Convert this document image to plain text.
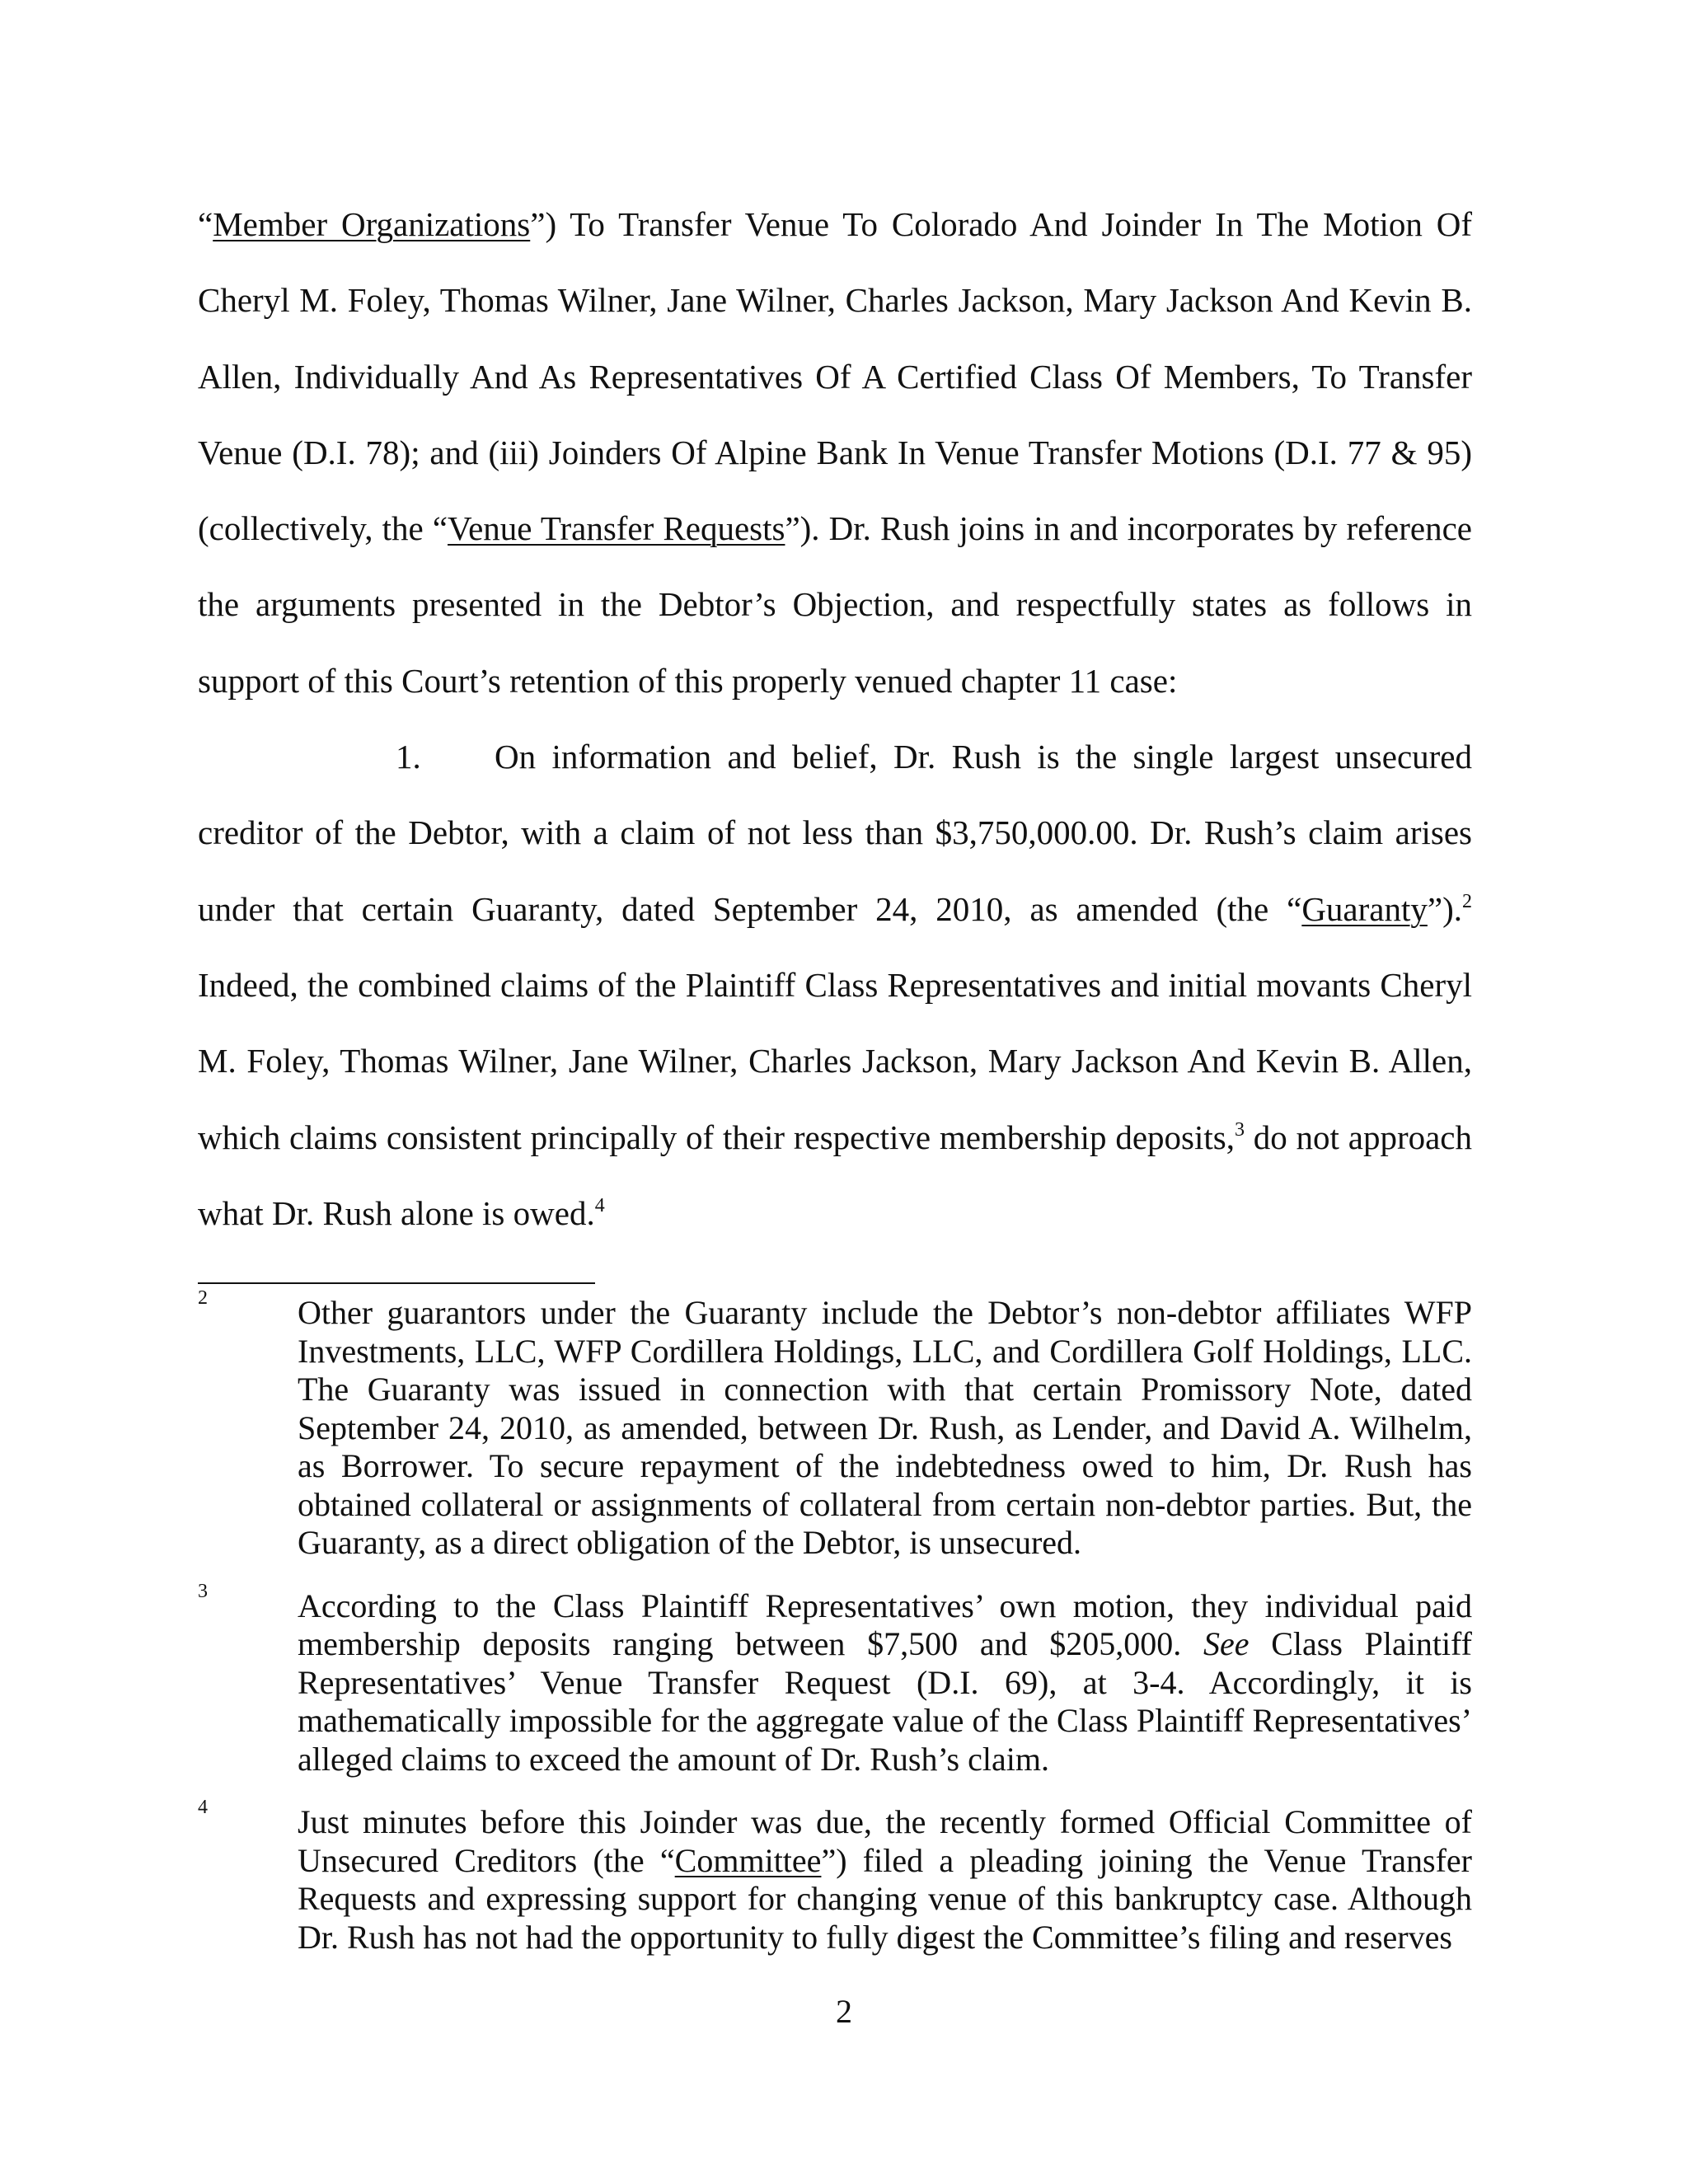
“Member Organizations”) To Transfer Venue To Colorado And Joinder In The Motion Of Cheryl M. Foley, Thomas Wilner, Jane Wilner, Charles Jackson, Mary Jackson And Kevin B. Allen, Individually And As Representatives Of A Certified Class Of Members, To Transfer Venue (D.I. 78); and (iii) Joinders Of Alpine Bank In Venue Transfer Motions (D.I. 77 & 95) (collectively, the “Venue Transfer Requests”). Dr. Rush joins in and incorporates by reference the arguments presented in the Debtor’s Objection, and respectfully states as follows in support of this Court’s retention of this properly venued chapter 11 case:

1. On information and belief, Dr. Rush is the single largest unsecured creditor of the Debtor, with a claim of not less than $3,750,000.00. Dr. Rush’s claim arises under that certain Guaranty, dated September 24, 2010, as amended (the “Guaranty”).$^2$ Indeed, the combined claims of the Plaintiff Class Representatives and initial movants Cheryl M. Foley, Thomas Wilner, Jane Wilner, Charles Jackson, Mary Jackson And Kevin B. Allen, which claims consistent principally of their respective membership deposits,$^3$ do not approach what Dr. Rush alone is owed.$^4$

2	Other guarantors under the Guaranty include the Debtor’s non-debtor affiliates WFP Investments, LLC, WFP Cordillera Holdings, LLC, and Cordillera Golf Holdings, LLC. The Guaranty was issued in connection with that certain Promissory Note, dated September 24, 2010, as amended, between Dr. Rush, as Lender, and David A. Wilhelm, as Borrower. To secure repayment of the indebtedness owed to him, Dr. Rush has obtained collateral or assignments of collateral from certain non-debtor parties. But, the Guaranty, as a direct obligation of the Debtor, is unsecured.
3	According to the Class Plaintiff Representatives’ own motion, they individual paid membership deposits ranging between $7,500 and $205,000. See Class Plaintiff Representatives’ Venue Transfer Request (D.I. 69), at 3-4. Accordingly, it is mathematically impossible for the aggregate value of the Class Plaintiff Representatives’ alleged claims to exceed the amount of Dr. Rush’s claim.
4	Just minutes before this Joinder was due, the recently formed Official Committee of Unsecured Creditors (the “Committee”) filed a pleading joining the Venue Transfer Requests and expressing support for changing venue of this bankruptcy case. Although Dr. Rush has not had the opportunity to fully digest the Committee’s filing and reserves
2
